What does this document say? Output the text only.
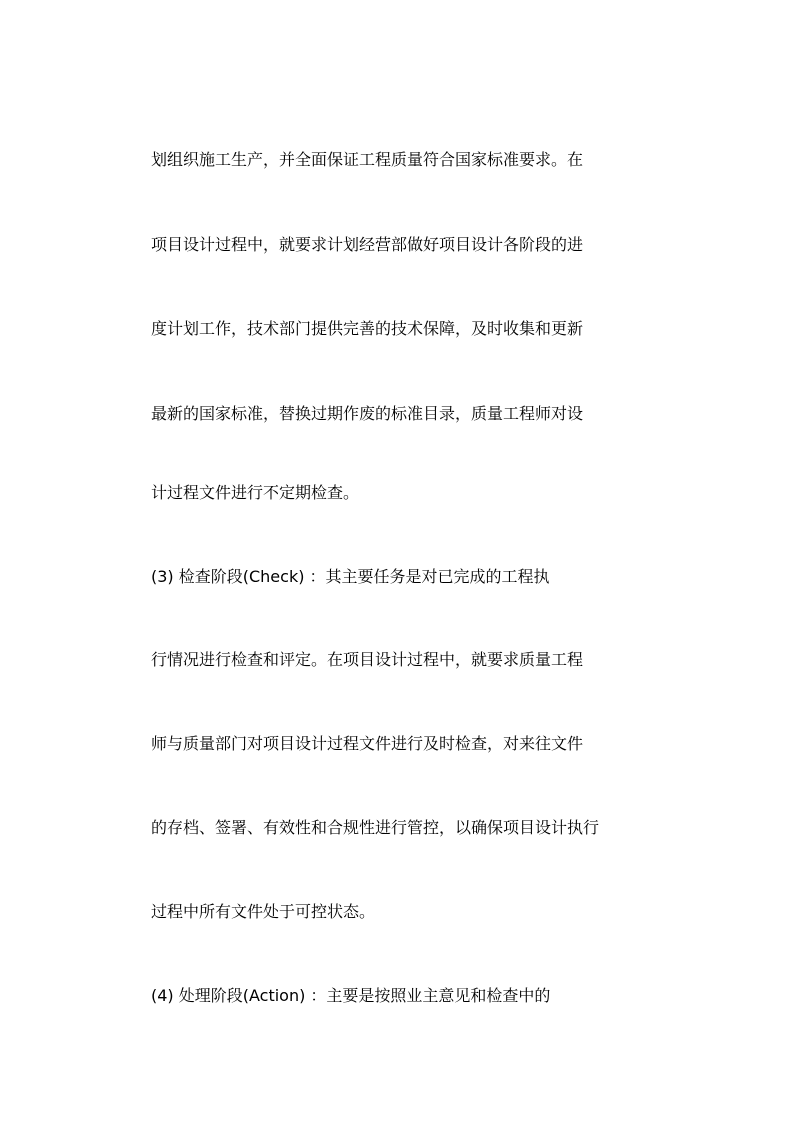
划组织施工生产，并全面保证工程质量符合国家标准要求。在
项目设计过程中，就要求计划经营部做好项目设计各阶段的进
度计划工作，技术部门提供完善的技术保障，及时收集和更新
最新的国家标准，替换过期作废的标准目录，质量工程师对设
计过程文件进行不定期检查。
(3) 检查阶段(Check) ：其主要任务是对已完成的工程执
行情况进行检查和评定。在项目设计过程中，就要求质量工程
师与质量部门对项目设计过程文件进行及时检查，对来往文件
的存档、签署、有效性和合规性进行管控，以确保项目设计执行
过程中所有文件处于可控状态。
(4) 处理阶段(Action) ：主要是按照业主意见和检查中的
